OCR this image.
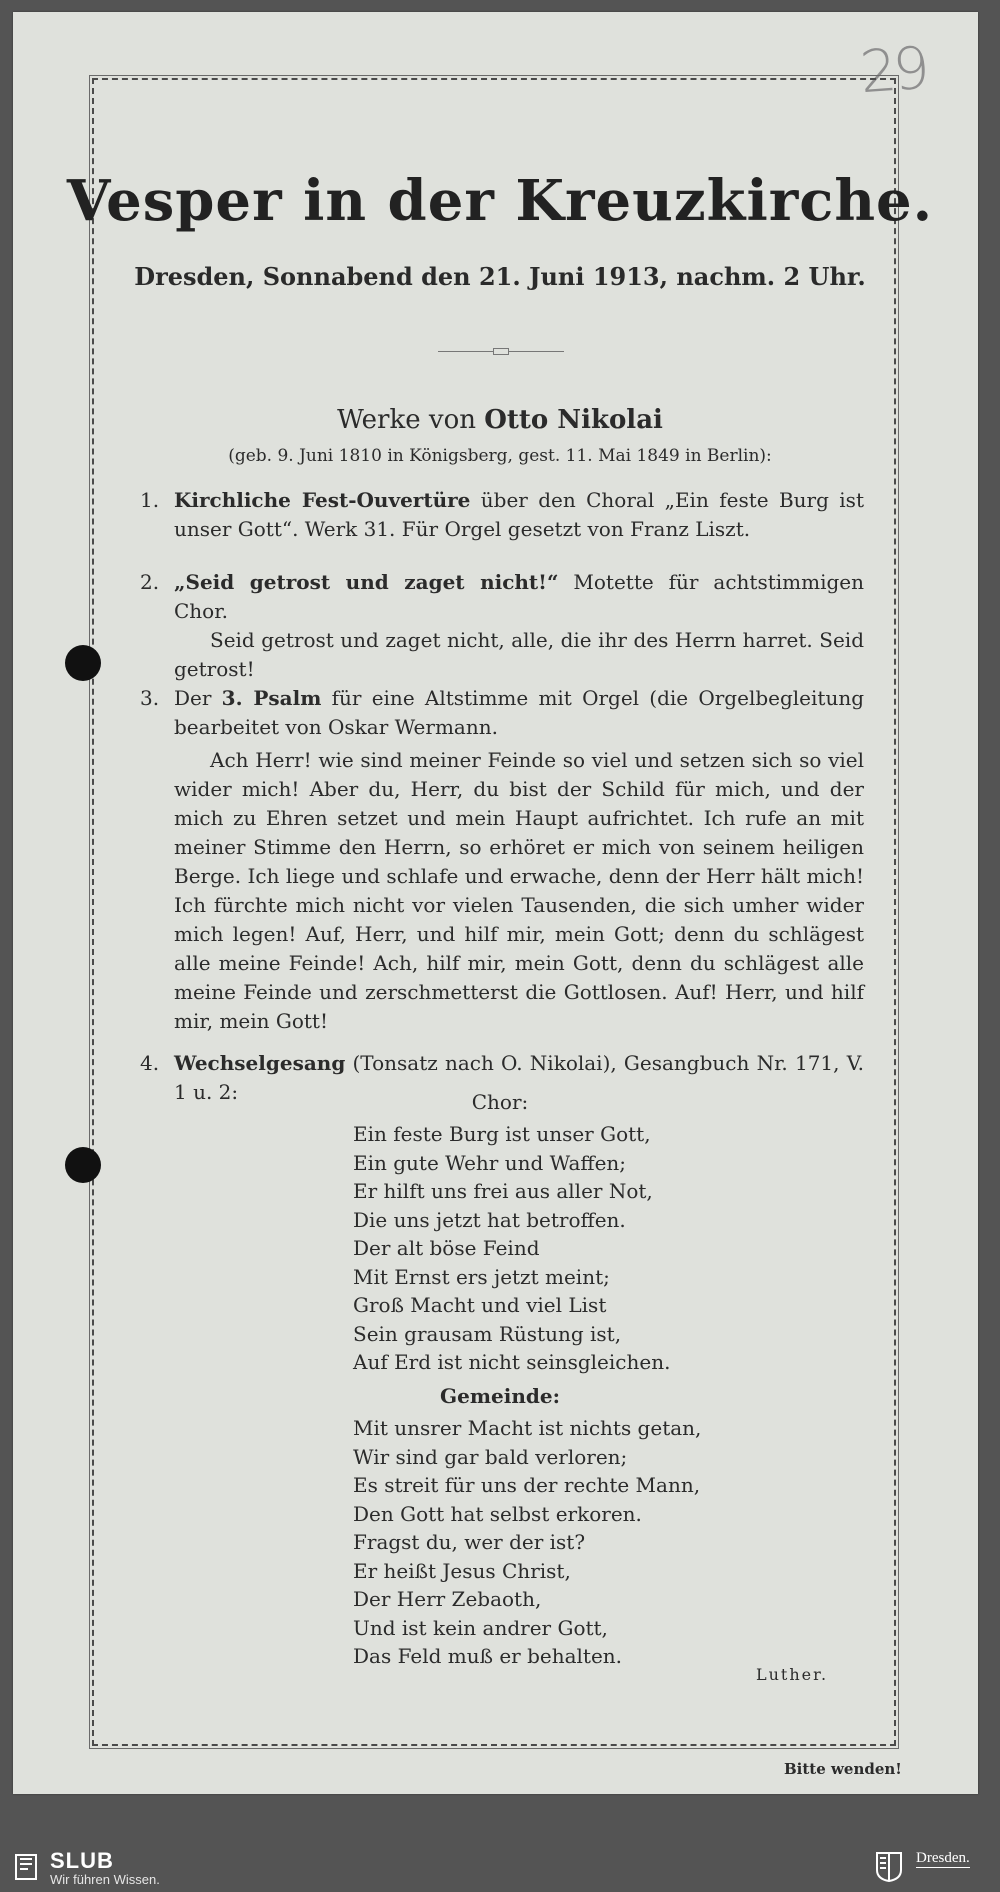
29
Vesper in der Kreuzkirche.
Dresden, Sonnabend den 21. Juni 1913, nachm. 2 Uhr.
Werke von Otto Nikolai
(geb. 9. Juni 1810 in Königsberg, gest. 11. Mai 1849 in Berlin):
1. Kirchliche Fest-Ouvertüre über den Choral „Ein feste Burg ist unser Gott“. Werk 31. Für Orgel gesetzt von Franz Liszt.
2. „Seid getrost und zaget nicht!“ Motette für achtstimmigen Chor.
Seid getrost und zaget nicht, alle, die ihr des Herrn harret. Seid getrost!
3. Der 3. Psalm für eine Altstimme mit Orgel (die Orgelbegleitung bearbeitet von Oskar Wermann.
Ach Herr! wie sind meiner Feinde so viel und setzen sich so viel wider mich! Aber du, Herr, du bist der Schild für mich, und der mich zu Ehren setzet und mein Haupt aufrichtet. Ich rufe an mit meiner Stimme den Herrn, so erhöret er mich von seinem heiligen Berge. Ich liege und schlafe und erwache, denn der Herr hält mich! Ich fürchte mich nicht vor vielen Tausenden, die sich umher wider mich legen! Auf, Herr, und hilf mir, mein Gott; denn du schlägest alle meine Feinde! Ach, hilf mir, mein Gott, denn du schlägest alle meine Feinde und zerschmetterst die Gottlosen. Auf! Herr, und hilf mir, mein Gott!
4. Wechselgesang (Tonsatz nach O. Nikolai), Gesangbuch Nr. 171, V. 1 u. 2:	Chor:
Ein feste Burg ist unser Gott,
Ein gute Wehr und Waffen;
Er hilft uns frei aus aller Not,
Die uns jetzt hat betroffen.
Der alt böse Feind
Mit Ernst ers jetzt meint;
Groß Macht und viel List
Sein grausam Rüstung ist,
Auf Erd ist nicht seinsgleichen.
Gemeinde:
Mit unsrer Macht ist nichts getan,
Wir sind gar bald verloren;
Es streit für uns der rechte Mann,
Den Gott hat selbst erkoren.
Fragst du, wer der ist?
Er heißt Jesus Christ,
Der Herr Zebaoth,
Und ist kein andrer Gott,
Das Feld muß er behalten.
Luther.
Bitte wenden!
SLUB
Wir führen Wissen.
Dresden.
